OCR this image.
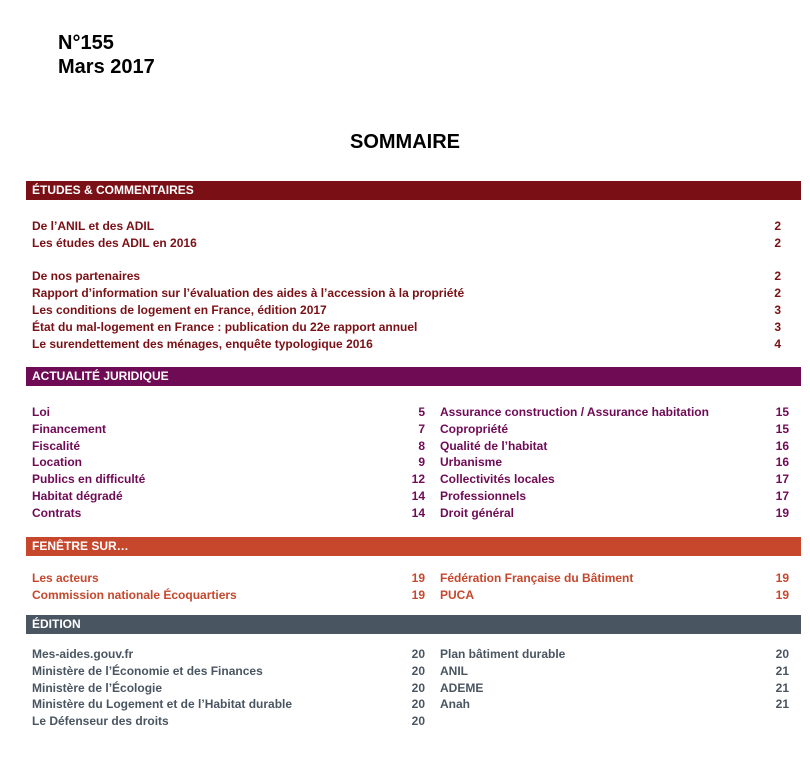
N°155
Mars 2017
SOMMAIRE
ÉTUDES & COMMENTAIRES
De l’ANIL et des ADIL	2
Les études des ADIL en 2016	2
De nos partenaires	2
Rapport d’information sur l’évaluation des aides à l’accession à la propriété	2
Les conditions de logement en France, édition 2017	3
État du mal-logement en France : publication du 22e rapport annuel	3
Le surendettement des ménages, enquête typologique 2016	4
ACTUALITÉ JURIDIQUE
Loi	5
Financement	7
Fiscalité	8
Location	9
Publics en difficulté	12
Habitat dégradé	14
Contrats	14
Assurance construction / Assurance habitation	15
Copropriété	15
Qualité de l’habitat	16
Urbanisme	16
Collectivités locales	17
Professionnels	17
Droit général	19
FENÊTRE SUR…
Les acteurs	19
Commission nationale Écoquartiers	19
Fédération Française du Bâtiment	19
PUCA	19
ÉDITION
Mes-aides.gouv.fr	20
Ministère de l’Économie et des Finances	20
Ministère de l’Écologie	20
Ministère du Logement et de l’Habitat durable	20
Le Défenseur des droits	20
Plan bâtiment durable	20
ANIL	21
ADEME	21
Anah	21
